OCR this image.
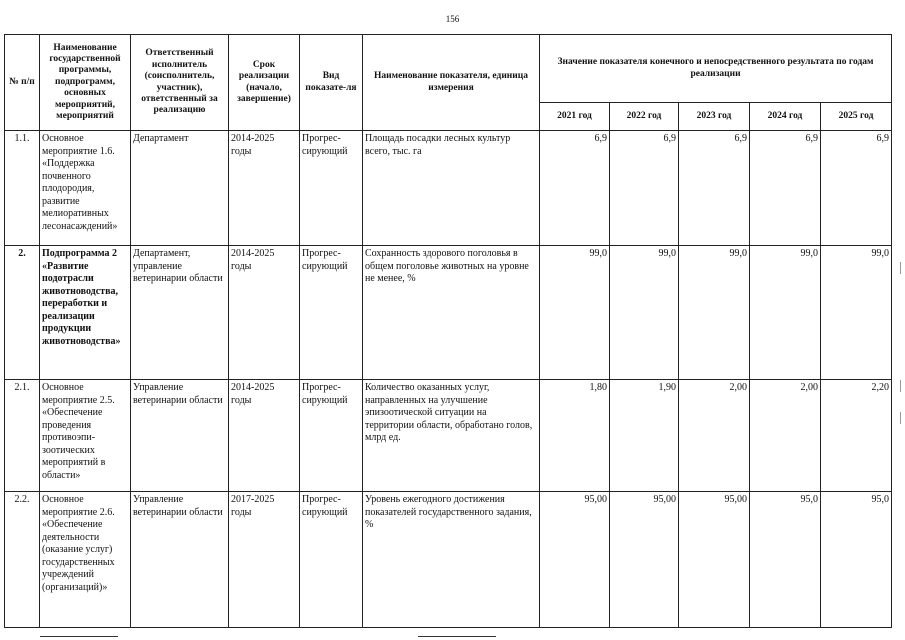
156
№ п/п	Наименование государственной программы, подпрограмм, основных мероприятий, мероприятий	Ответственный исполнитель (соисполнитель, участник), ответственный за реализацию	Срок реализации (начало, завершение)	Вид показате-ля	Наименование показателя, единица измерения	Значение показателя конечного и непосредственного результата по годам реализации				
						2021 год	2022 год	2023 год	2024 год	2025 год
1.1.	Основное мероприятие 1.6. «Поддержка почвенного плодородия, развитие мелиоративных лесонасаждений»	Департамент	2014-2025 годы	Прогрес-сирующий	Площадь посадки лесных культур всего, тыс. га	6,9	6,9	6,9	6,9	6,9
2.	Подпрограмма 2 «Развитие подотрасли животноводства, переработки и реализации продукции животноводства»	Департамент, управление ветеринарии области	2014-2025 годы	Прогрес-сирующий	Сохранность здорового поголовья в общем поголовье животных на уровне не менее, %	99,0	99,0	99,0	99,0	99,0
2.1.	Основное мероприятие 2.5. «Обеспечение проведения противоэпи-зоотических мероприятий в области»	Управление ветеринарии области	2014-2025 годы	Прогрес-сирующий	Количество оказанных услуг, направленных на улучшение эпизоотической ситуации на территории области, обработано голов, млрд ед.	1,80	1,90	2,00	2,00	2,20
2.2.	Основное мероприятие 2.6. «Обеспечение деятельности (оказание услуг) государственных учреждений (организаций)»	Управление ветеринарии области	2017-2025 годы	Прогрес-сирующий	Уровень ежегодного достижения показателей государственного задания, %	95,00	95,00	95,00	95,0	95,0
